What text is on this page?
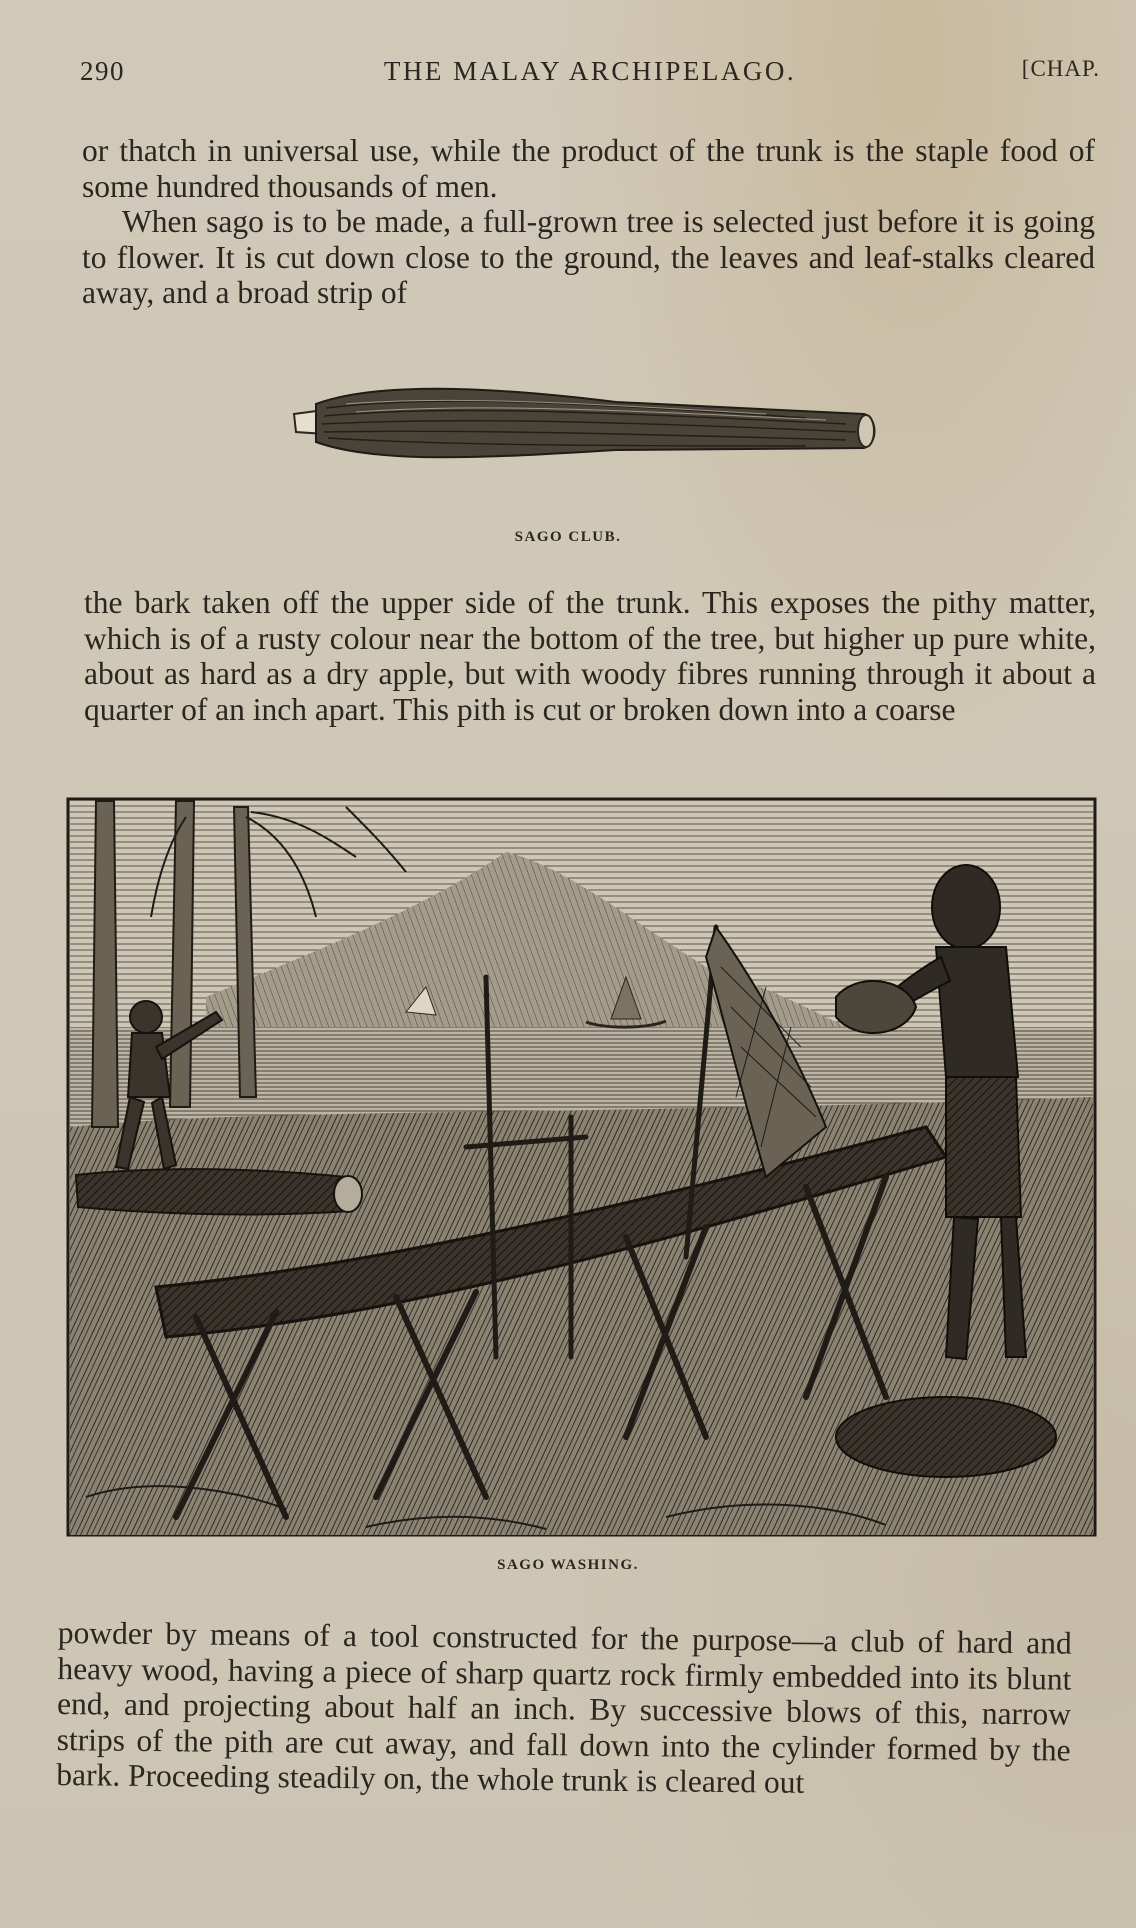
290	THE MALAY ARCHIPELAGO.	[CHAP.

or thatch in universal use, while the product of the trunk is the staple food of some hundred thousands of men.

When sago is to be made, a full-grown tree is selected just before it is going to flower. It is cut down close to the ground, the leaves and leaf-stalks cleared away, and a broad strip of

SAGO CLUB.

the bark taken off the upper side of the trunk. This exposes the pithy matter, which is of a rusty colour near the bottom of the tree, but higher up pure white, about as hard as a dry apple, but with woody fibres running through it about a quarter of an inch apart. This pith is cut or broken down into a coarse

SAGO WASHING.

powder by means of a tool constructed for the purpose—a club of hard and heavy wood, having a piece of sharp quartz rock firmly embedded into its blunt end, and projecting about half an inch. By successive blows of this, narrow strips of the pith are cut away, and fall down into the cylinder formed by the bark. Proceeding steadily on, the whole trunk is cleared out
